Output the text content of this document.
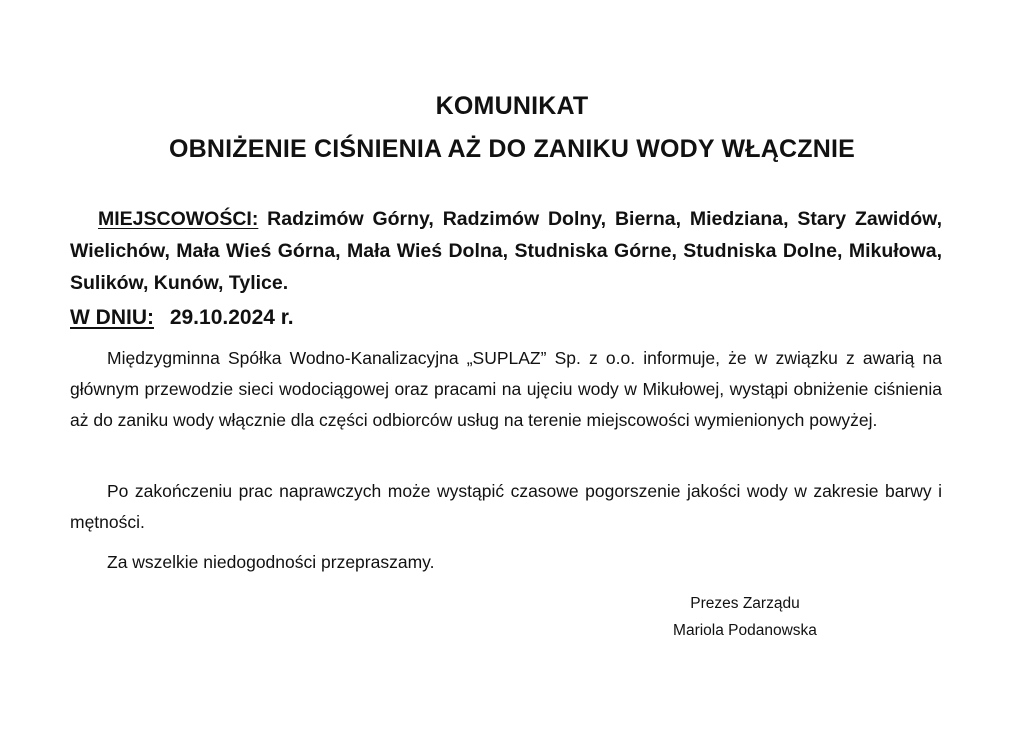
KOMUNIKAT
OBNIŻENIE CIŚNIENIA AŻ DO ZANIKU WODY WŁĄCZNIE
MIEJSCOWOŚCI: Radzimów Górny, Radzimów Dolny, Bierna, Miedziana, Stary Zawidów, Wielichów, Mała Wieś Górna, Mała Wieś Dolna, Studniska Górne, Studniska Dolne, Mikułowa, Sulików, Kunów, Tylice.
W DNIU: 29.10.2024 r.
Międzygminna Spółka Wodno-Kanalizacyjna „SUPLAZ” Sp. z o.o. informuje, że w związku z awarią na głównym przewodzie sieci wodociągowej oraz pracami na ujęciu wody w Mikułowej, wystąpi obniżenie ciśnienia aż do zaniku wody włącznie dla części odbiorców usług na terenie miejscowości wymienionych powyżej.
Po zakończeniu prac naprawczych może wystąpić czasowe pogorszenie jakości wody w zakresie barwy i mętności.
Za wszelkie niedogodności przepraszamy.
Prezes Zarządu
Mariola Podanowska
